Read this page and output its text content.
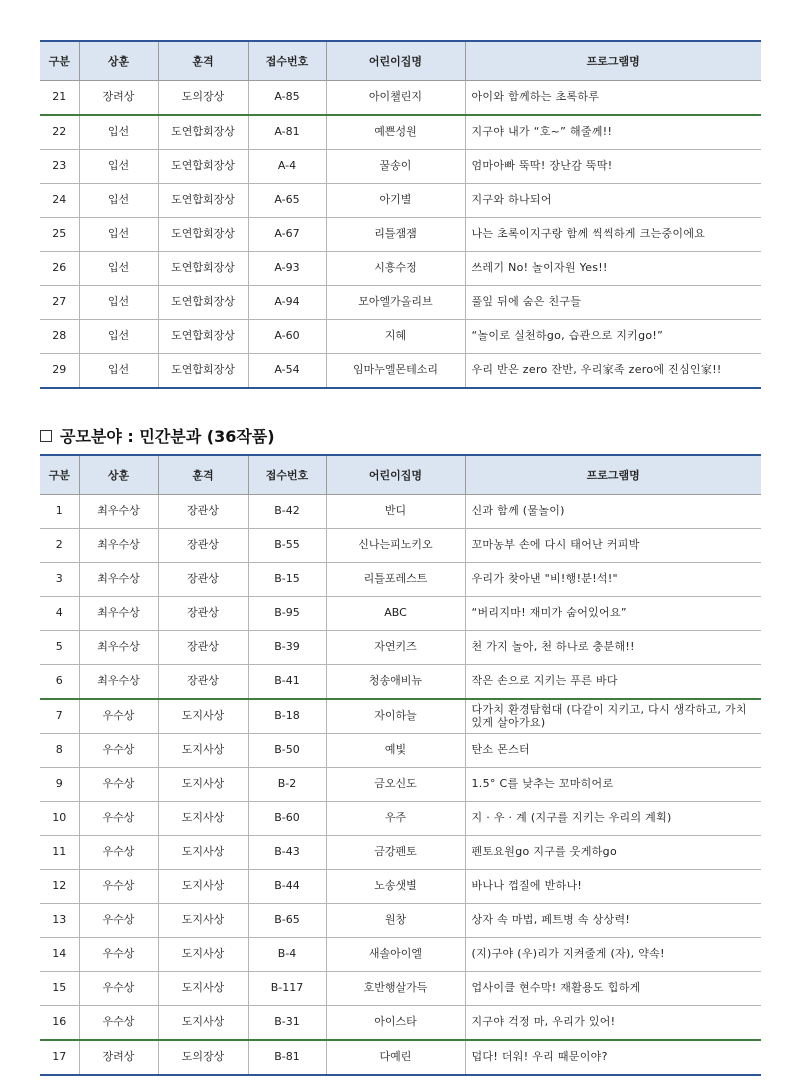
구분	상훈	훈격	접수번호	어린이집명	프로그램명
21	장려상	도의장상	A-85	아이챌린지	아이와 함께하는 초록하루
22	입선	도연합회장상	A-81	예쁜성원	지구야 내가 “호~” 해줄께!!
23	입선	도연합회장상	A-4	꿀송이	엄마아빠 뚝딱! 장난감 뚝딱!
24	입선	도연합회장상	A-65	아기별	지구와 하나되어
25	입선	도연합회장상	A-67	리틀잼잼	나는 초록이지구랑 함께 씩씩하게 크는중이에요
26	입선	도연합회장상	A-93	시흥수정	쓰레기 No! 놀이자원 Yes!!
27	입선	도연합회장상	A-94	모아엘가올리브	풀잎 뒤에 숨은 친구들
28	입선	도연합회장상	A-60	지혜	“놀이로 실천하go, 습관으로 지키go!”
29	입선	도연합회장상	A-54	임마누엘몬테소리	우리 반은 zero 잔반, 우리家족 zero에 진심인家!!
공모분야 : 민간분과 (36작품)
구분	상훈	훈격	접수번호	어린이집명	프로그램명
1	최우수상	장관상	B-42	반디	신과 함께 (물놀이)
2	최우수상	장관상	B-55	신나는피노키오	꼬마농부 손에 다시 태어난 커피박
3	최우수상	장관상	B-15	리틀포레스트	우리가 찾아낸 "비!행!분!석!"
4	최우수상	장관상	B-95	ABC	“버리지마! 재미가 숨어있어요”
5	최우수상	장관상	B-39	자연키즈	천 가지 놀아, 천 하나로 충분해!!
6	최우수상	장관상	B-41	청송애비뉴	작은 손으로 지키는 푸른 바다
7	우수상	도지사상	B-18	자이하늘	다가치 환경탐험대 (다같이 지키고, 다시 생각하고, 가치있게 살아가요)
8	우수상	도지사상	B-50	예빛	탄소 몬스터
9	우수상	도지사상	B-2	금오신도	1.5° C를 낮추는 꼬마히어로
10	우수상	도지사상	B-60	우주	지 · 우 · 계 (지구를 지키는 우리의 계획)
11	우수상	도지사상	B-43	금강펜토	펜토요원go 지구를 웃게하go
12	우수상	도지사상	B-44	노송샛별	바나나 껍질에 반하나!
13	우수상	도지사상	B-65	원창	상자 속 마법, 페트병 속 상상력!
14	우수상	도지사상	B-4	새솔아이엘	(지)구야 (우)리가 지켜줄게 (자), 약속!
15	우수상	도지사상	B-117	호반행살가득	업사이클 현수막! 재활용도 힙하게
16	우수상	도지사상	B-31	아이스타	지구야 걱정 마, 우리가 있어!
17	장려상	도의장상	B-81	다예린	덥다! 더워! 우리 때문이야?
